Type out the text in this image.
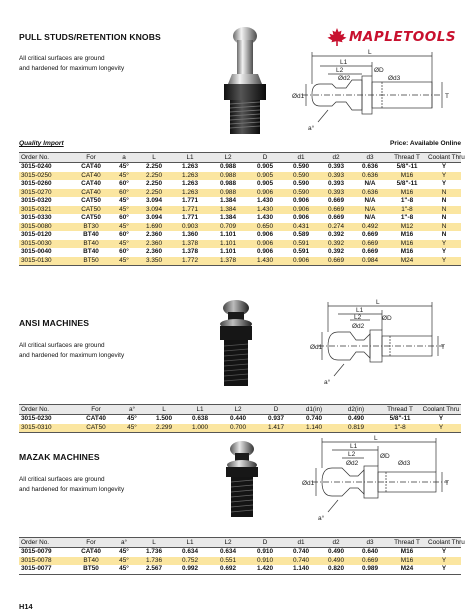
MAPLETOOLS
PULL STUDS/RETENTION KNOBS
All critical surfaces are ground
and hardened for maximum longevity
L
L1
L2	ØD
Ød2	Ød3
Ød1	T
a°
Quality Import	Price: Available Online
Order No.	For	a	L	L1	L2	D	d1	d2	d3	Thread T	Coolant Thru
3015-0240	CAT40	45°	2.250	1.263	0.988	0.905	0.590	0.393	0.636	5/8"-11	Y
3015-0250	CAT40	45°	2.250	1.263	0.988	0.905	0.590	0.393	0.636	M16	Y
3015-0260	CAT40	60°	2.250	1.263	0.988	0.905	0.590	0.393	N/A	5/8"-11	Y
3015-0270	CAT40	60°	2.250	1.263	0.988	0.906	0.590	0.393	0.636	M16	N
3015-0320	CAT50	45°	3.094	1.771	1.384	1.430	0.906	0.669	N/A	1"-8	N
3015-0321	CAT50	45°	3.094	1.771	1.384	1.430	0.906	0.669	N/A	1"-8	N
3015-0330	CAT50	60°	3.094	1.771	1.384	1.430	0.906	0.669	N/A	1"-8	N
3015-0080	BT30	45°	1.690	0.903	0.709	0.650	0.431	0.274	0.492	M12	N
3015-0120	BT40	60°	2.360	1.360	1.101	0.906	0.589	0.392	0.669	M16	N
3015-0030	BT40	45°	2.360	1.378	1.101	0.906	0.591	0.392	0.669	M16	Y
3015-0040	BT40	60°	2.360	1.378	1.101	0.906	0.591	0.392	0.669	M16	Y
3015-0130	BT50	45°	3.350	1.772	1.378	1.430	0.906	0.669	0.984	M24	Y
ANSI MACHINES
All critical surfaces are ground
and hardened for maximum longevity
L
L1
L2	ØD
Ød2
Ød1	T
a°
Order No.	For	a°	L	L1	L2	D	d1(in)	d2(in)	Thread T	Coolant Thru
3015-0230	CAT40	45°	1.500	0.638	0.440	0.937	0.740	0.490	5/8"-11	Y
3015-0310	CAT50	45°	2.299	1.000	0.700	1.417	1.140	0.819	1"-8	Y
MAZAK MACHINES
All critical surfaces are ground
and hardened for maximum longevity
L
L1
L2	ØD
Ød2	Ød3
Ød1	T
a°
Order No.	For	a°	L	L1	L2	D	d1	d2	d3	Thread T	Coolant Thru
3015-0079	CAT40	45°	1.736	0.634	0.634	0.910	0.740	0.490	0.640	M16	Y
3015-0078	BT40	45°	1.736	0.752	0.551	0.910	0.740	0.490	0.669	M16	Y
3015-0077	BT50	45°	2.567	0.992	0.692	1.420	1.140	0.820	0.989	M24	Y
H14
